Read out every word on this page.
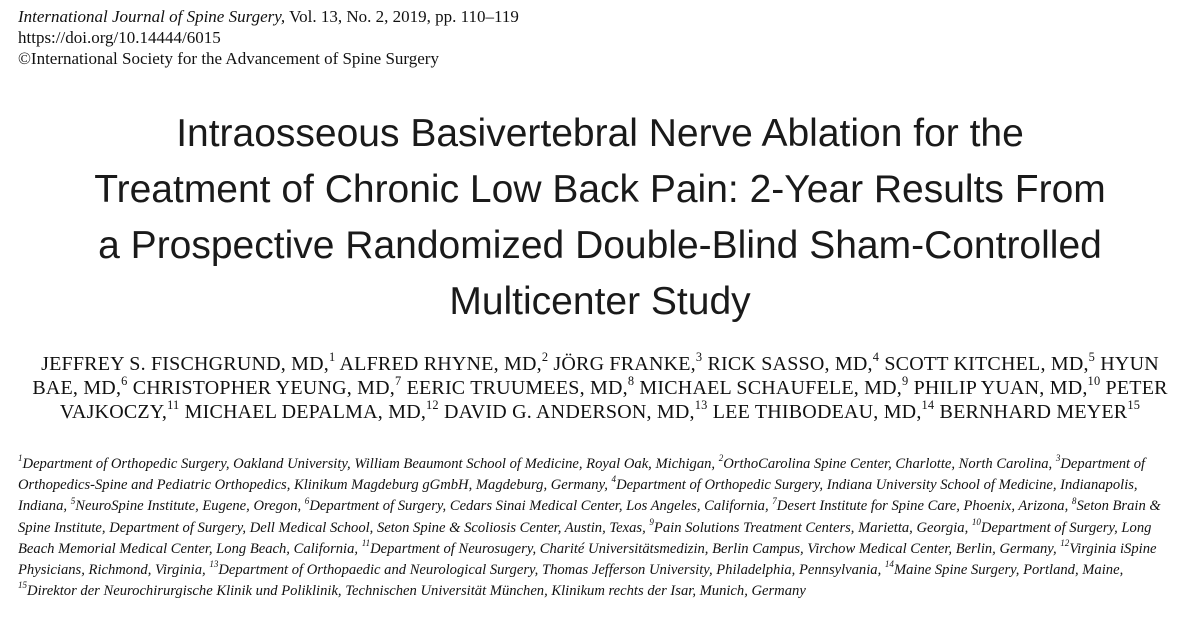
International Journal of Spine Surgery, Vol. 13, No. 2, 2019, pp. 110–119
https://doi.org/10.14444/6015
©International Society for the Advancement of Spine Surgery
Intraosseous Basivertebral Nerve Ablation for the
Treatment of Chronic Low Back Pain: 2-Year Results From
a Prospective Randomized Double-Blind Sham-Controlled
Multicenter Study
JEFFREY S. FISCHGRUND, MD,$^1$ ALFRED RHYNE, MD,$^2$ JÖRG FRANKE,$^3$ RICK SASSO, MD,$^4$ SCOTT KITCHEL, MD,$^5$ HYUN BAE, MD,$^6$ CHRISTOPHER YEUNG, MD,$^7$ EERIC TRUUMEES, MD,$^8$ MICHAEL SCHAUFELE, MD,$^9$ PHILIP YUAN, MD,$^{10}$ PETER VAJKOCZY,$^{11}$ MICHAEL DEPALMA, MD,$^{12}$ DAVID G. ANDERSON, MD,$^{13}$ LEE THIBODEAU, MD,$^{14}$ BERNHARD MEYER$^{15}$
$^1$Department of Orthopedic Surgery, Oakland University, William Beaumont School of Medicine, Royal Oak, Michigan, $^2$OrthoCarolina Spine Center, Charlotte, North Carolina, $^3$Department of Orthopedics-Spine and Pediatric Orthopedics, Klinikum Magdeburg gGmbH, Magdeburg, Germany, $^4$Department of Orthopedic Surgery, Indiana University School of Medicine, Indianapolis, Indiana, $^5$NeuroSpine Institute, Eugene, Oregon, $^6$Department of Surgery, Cedars Sinai Medical Center, Los Angeles, California, $^7$Desert Institute for Spine Care, Phoenix, Arizona, $^8$Seton Brain & Spine Institute, Department of Surgery, Dell Medical School, Seton Spine & Scoliosis Center, Austin, Texas, $^9$Pain Solutions Treatment Centers, Marietta, Georgia, $^{10}$Department of Surgery, Long Beach Memorial Medical Center, Long Beach, California, $^{11}$Department of Neurosugery, Charité Universitätsmedizin, Berlin Campus, Virchow Medical Center, Berlin, Germany, $^{12}$Virginia iSpine Physicians, Richmond, Virginia, $^{13}$Department of Orthopaedic and Neurological Surgery, Thomas Jefferson University, Philadelphia, Pennsylvania, $^{14}$Maine Spine Surgery, Portland, Maine, $^{15}$Direktor der Neurochirurgische Klinik und Poliklinik, Technischen Universität München, Klinikum rechts der Isar, Munich, Germany
